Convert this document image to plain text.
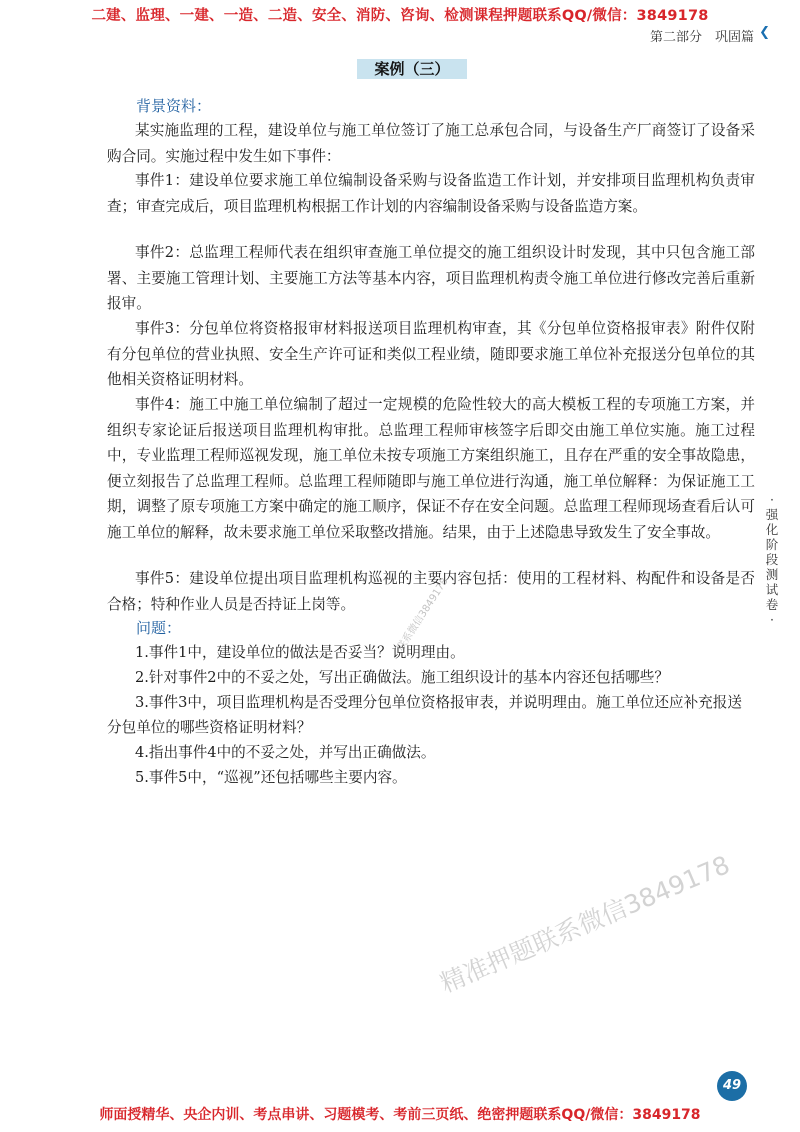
二建、监理、一建、一造、二造、安全、消防、咨询、检测课程押题联系QQ/微信：3849178
第二部分　巩固篇 ❮
案例（三）
背景资料：

某实施监理的工程，建设单位与施工单位签订了施工总承包合同，与设备生产厂商签订了设备采购合同。实施过程中发生如下事件：

事件1：建设单位要求施工单位编制设备采购与设备监造工作计划，并安排项目监理机构负责审查；审查完成后，项目监理机构根据工作计划的内容编制设备采购与设备监造方案。

事件2：总监理工程师代表在组织审查施工单位提交的施工组织设计时发现，其中只包含施工部署、主要施工管理计划、主要施工方法等基本内容，项目监理机构责令施工单位进行修改完善后重新报审。

事件3：分包单位将资格报审材料报送项目监理机构审查，其《分包单位资格报审表》附件仅附有分包单位的营业执照、安全生产许可证和类似工程业绩，随即要求施工单位补充报送分包单位的其他相关资格证明材料。

事件4：施工中施工单位编制了超过一定规模的危险性较大的高大模板工程的专项施工方案，并组织专家论证后报送项目监理机构审批。总监理工程师审核签字后即交由施工单位实施。施工过程中，专业监理工程师巡视发现，施工单位未按专项施工方案组织施工，且存在严重的安全事故隐患，便立刻报告了总监理工程师。总监理工程师随即与施工单位进行沟通，施工单位解释：为保证施工工期，调整了原专项施工方案中确定的施工顺序，保证不存在安全问题。总监理工程师现场查看后认可施工单位的解释，故未要求施工单位采取整改措施。结果，由于上述隐患导致发生了安全事故。

事件5：建设单位提出项目监理机构巡视的主要内容包括：使用的工程材料、构配件和设备是否合格；特种作业人员是否持证上岗等。

问题：

1.事件1中，建设单位的做法是否妥当？说明理由。

2.针对事件2中的不妥之处，写出正确做法。施工组织设计的基本内容还包括哪些？

3.事件3中，项目监理机构是否受理分包单位资格报审表，并说明理由。施工单位还应补充报送分包单位的哪些资格证明材料？

4.指出事件4中的不妥之处，并写出正确做法。

5.事件5中，“巡视”还包括哪些主要内容。

·强化阶段测试卷·
联系微信3849178
精准押题联系微信3849178
49
师面授精华、央企内训、考点串讲、习题模考、考前三页纸、绝密押题联系QQ/微信：3849178
